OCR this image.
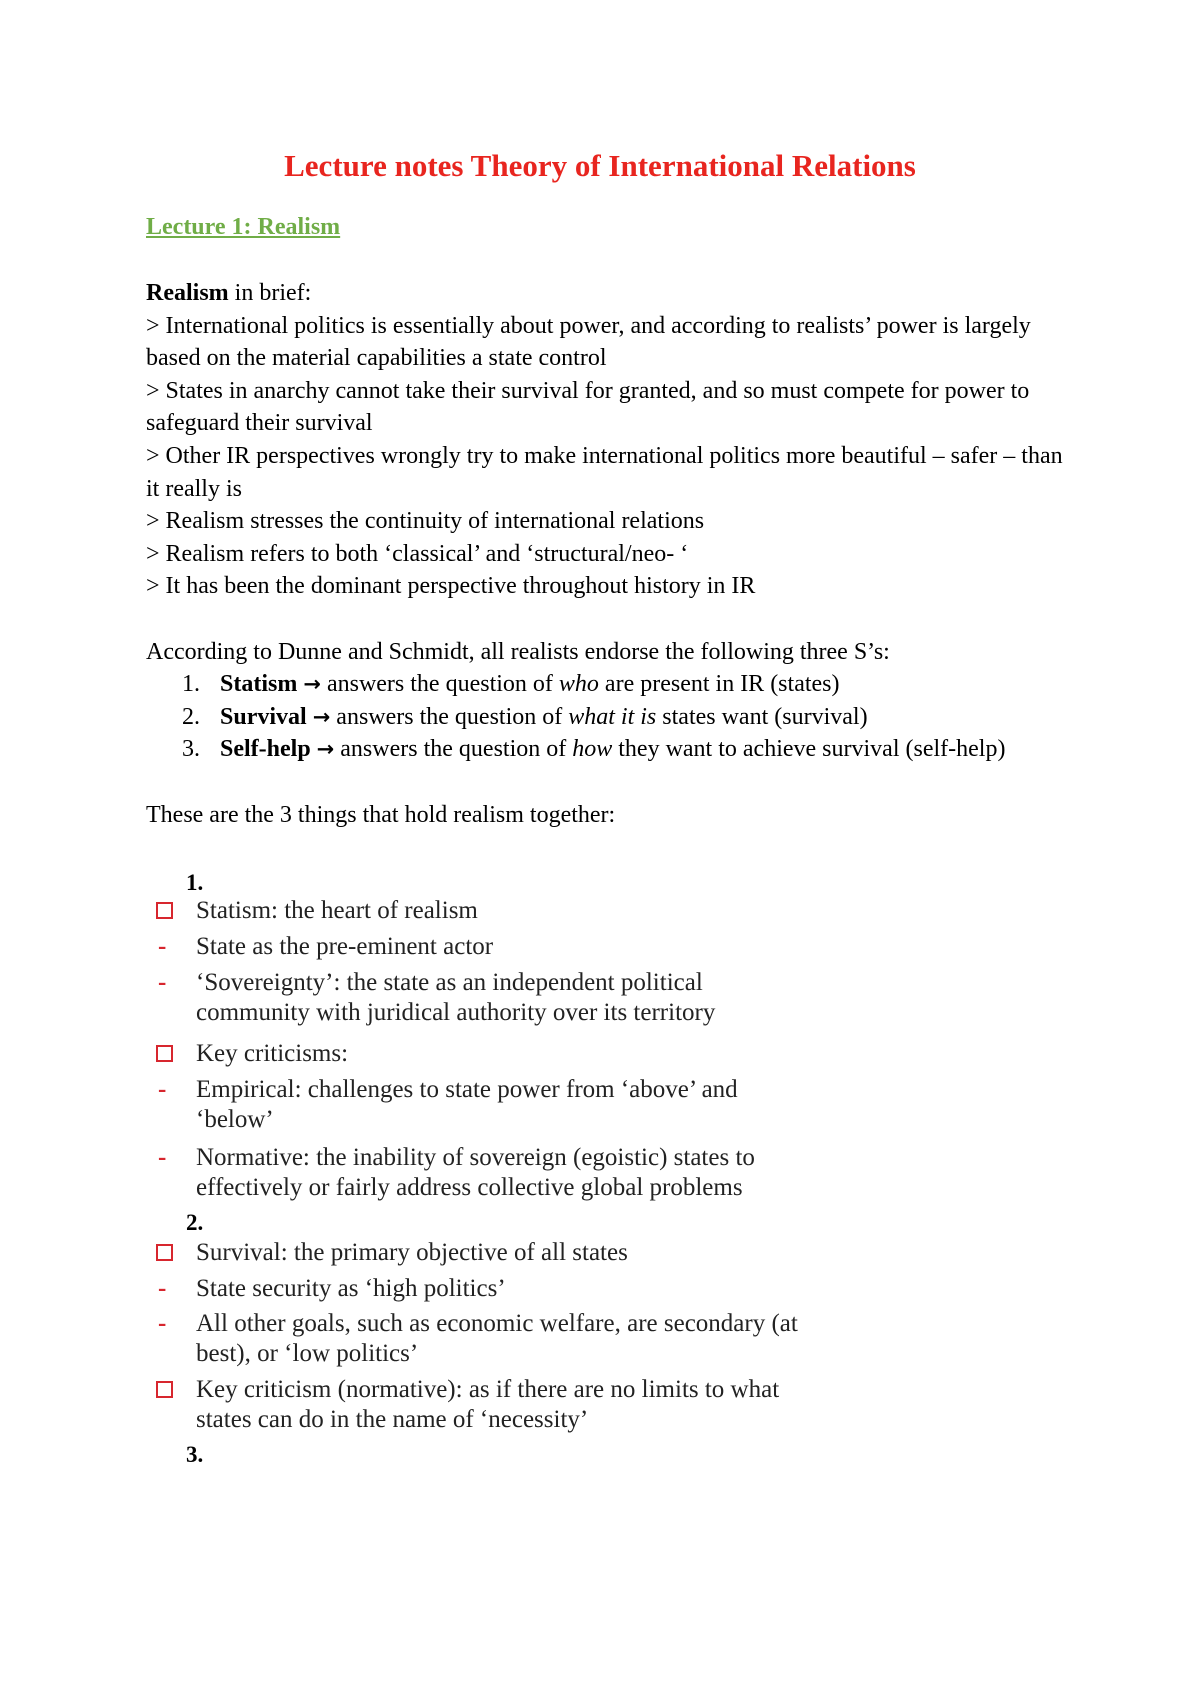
Lecture notes Theory of International Relations
Lecture 1: Realism

Realism in brief:

> International politics is essentially about power, and according to realists’ power is largely based on the material capabilities a state control

> States in anarchy cannot take their survival for granted, and so must compete for power to safeguard their survival

> Other IR perspectives wrongly try to make international politics more beautiful – safer – than it really is

> Realism stresses the continuity of international relations

> Realism refers to both ‘classical’ and ‘structural/neo- ‘

> It has been the dominant perspective throughout history in IR

According to Dunne and Schmidt, all realists endorse the following three S’s:

1. Statism → answers the question of who are present in IR (states)
2. Survival → answers the question of what it is states want (survival)
3. Self-help → answers the question of how they want to achieve survival (self-help)

These are the 3 things that hold realism together:

1.
Statism: the heart of realism
-	State as the pre-eminent actor
-	‘Sovereignty’: the state as an independent political community with juridical authority over its territory
Key criticisms:
-	Empirical: challenges to state power from ‘above’ and ‘below’
-	Normative: the inability of sovereign (egoistic) states to effectively or fairly address collective global problems
2.
Survival: the primary objective of all states
-	State security as ‘high politics’
-	All other goals, such as economic welfare, are secondary (at best), or ‘low politics’
Key criticism (normative): as if there are no limits to what states can do in the name of ‘necessity’
3.
